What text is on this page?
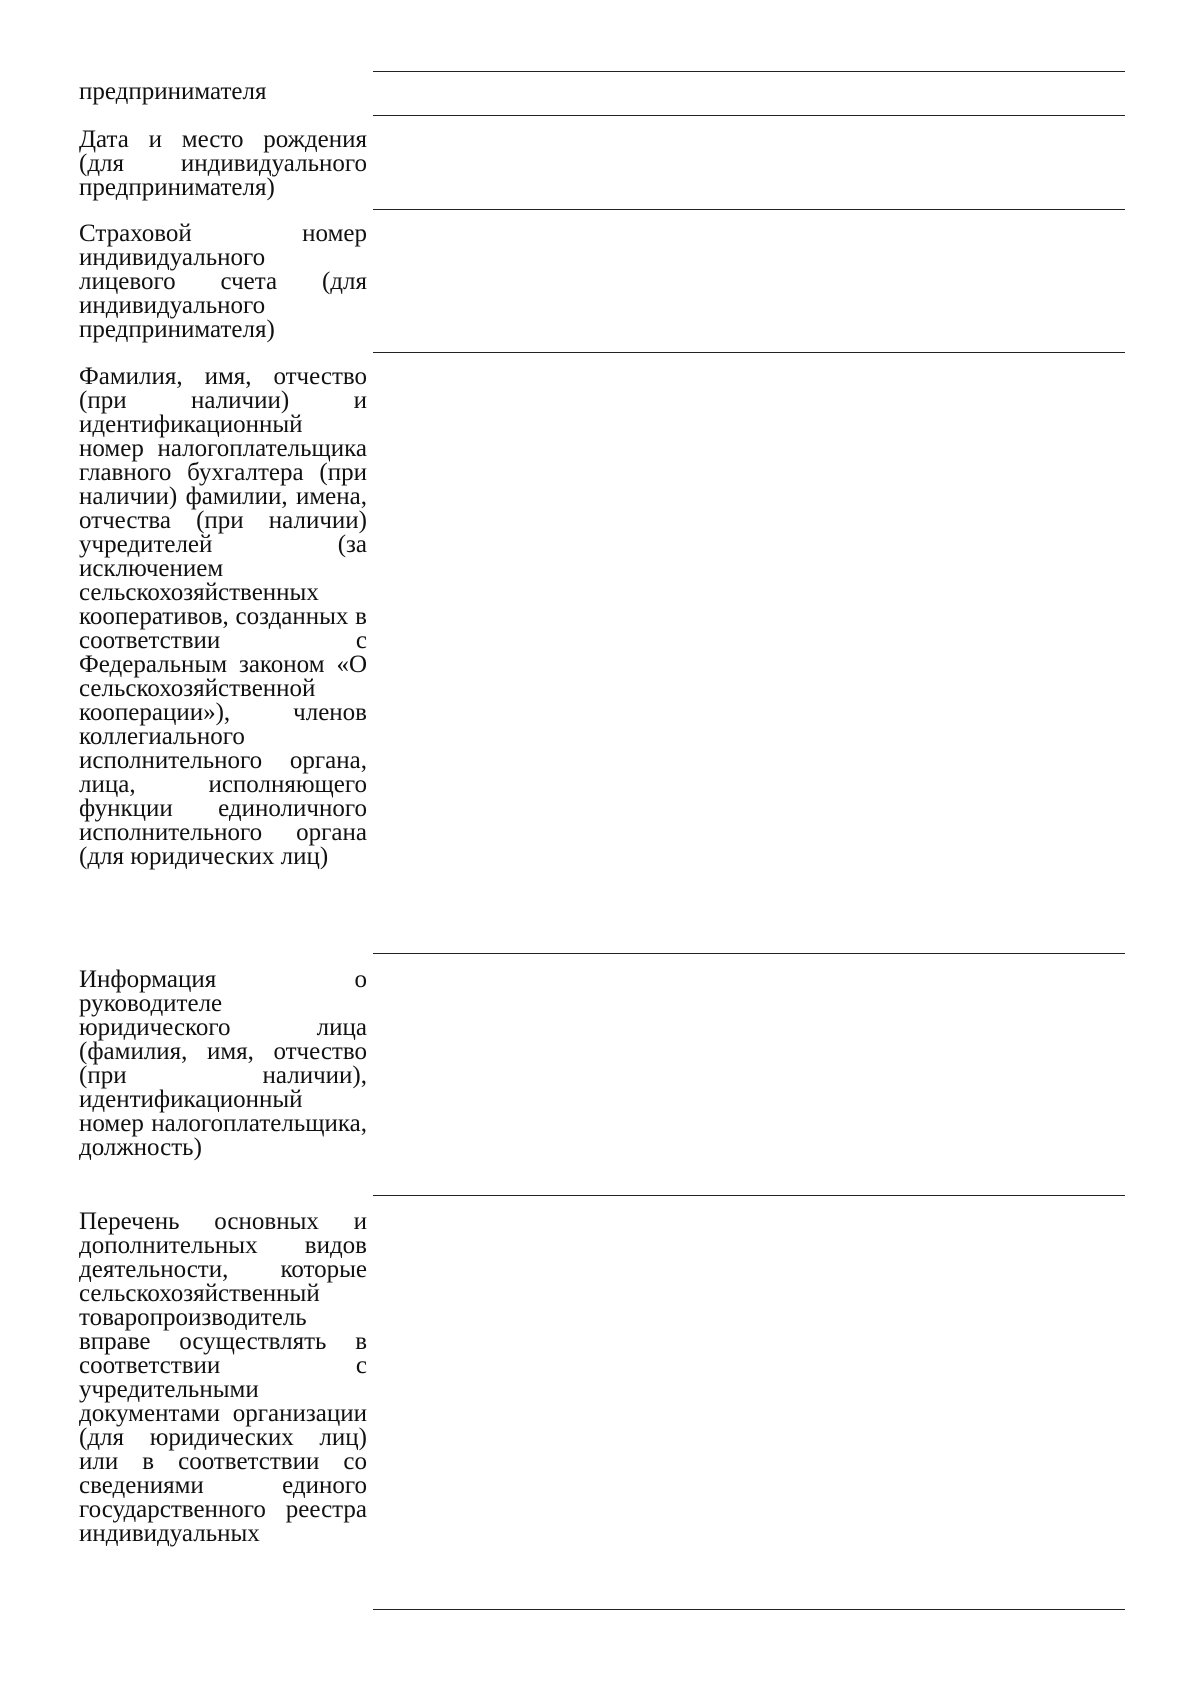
предпринимателя
Дата и место рождения (для индивидуального предпринимателя)
Страховой номер индивидуального лицевого счета (для индивидуального предпринимателя)
Фамилия, имя, отчество (при наличии) и идентификационный номер налогоплательщика главного бухгалтера (при наличии) фамилии, имена, отчества (при наличии) учредителей (за исключением сельскохозяйственных кооперативов, созданных в соответствии с Федеральным законом «О сельскохозяйственной кооперации»), членов коллегиального исполнительного органа, лица, исполняющего функции единоличного исполнительного органа (для юридических лиц)
Информация о руководителе юридического лица (фамилия, имя, отчество (при наличии), идентификационный номер налогоплательщика, должность)
Перечень основных и дополнительных видов деятельности, которые сельскохозяйственный товаропроизводитель вправе осуществлять в соответствии с учредительными документами организации (для юридических лиц) или в соответствии со сведениями единого государственного реестра индивидуальных
